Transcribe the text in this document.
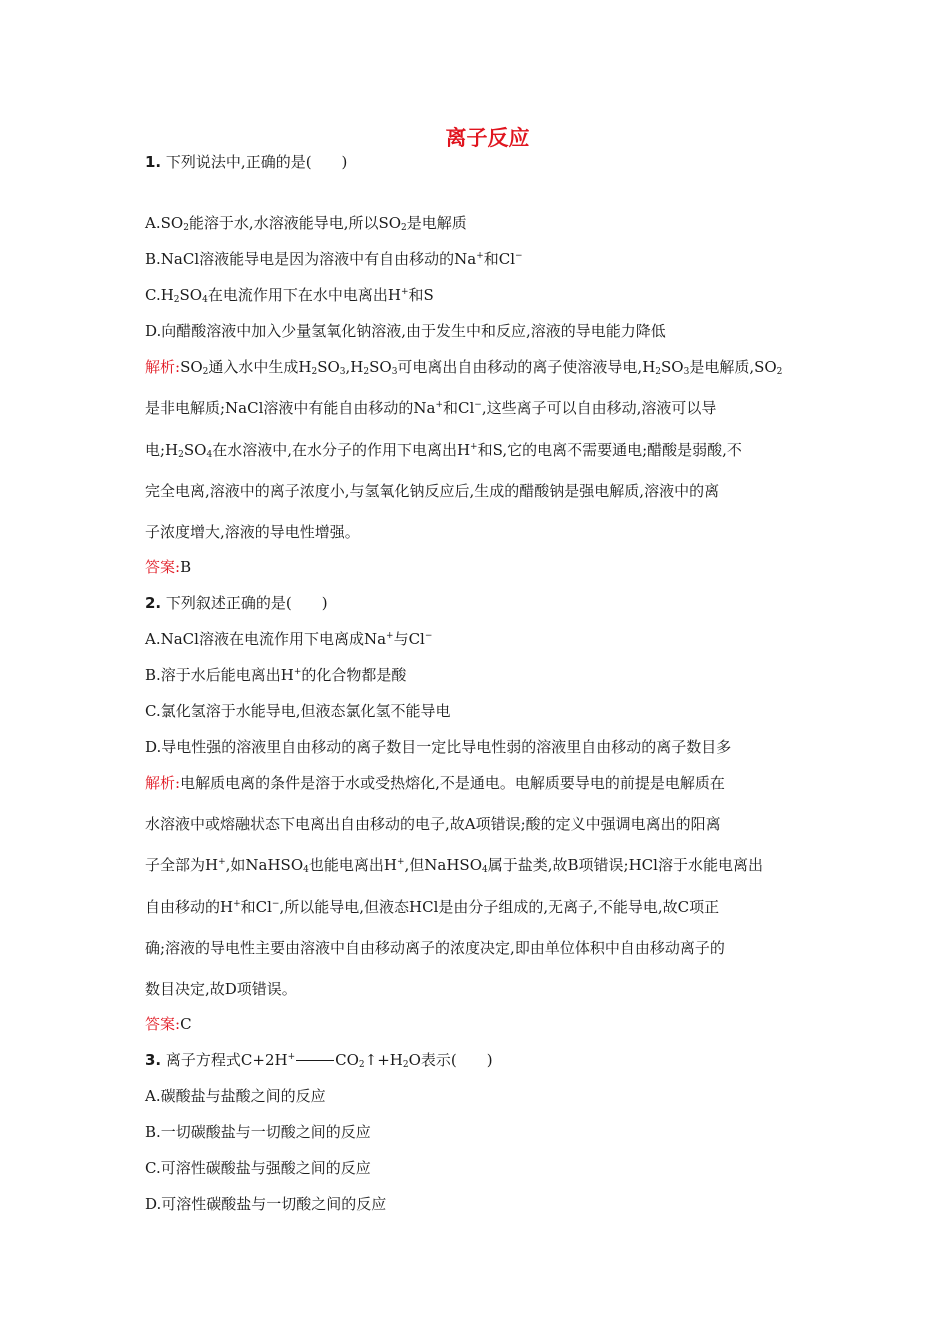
离子反应
1. 下列说法中,正确的是(　　)
$A.SO_2$能溶于水,水溶液能导电,所以$SO_2$是电解质
B.NaCl溶液能导电是因为溶液中有自由移动的Na+和Cl−
$C.H_2SO_4$在电流作用下在水中电离出H+和S
D.向醋酸溶液中加入少量氢氧化钠溶液,由于发生中和反应,溶液的导电能力降低
解析$:SO_2$通入水中生成$H_2SO_3,H_2SO_3$可电离出自由移动的离子使溶液导电$,H_2SO_3$是电解质$,SO_2$
是非电解质;NaCl溶液中有能自由移动的Na+和Cl−,这些离子可以自由移动,溶液可以导
电$;H_2SO_4$在水溶液中,在水分子的作用下电离出H+和S,它的电离不需要通电;醋酸是弱酸,不
完全电离,溶液中的离子浓度小,与氢氧化钠反应后,生成的醋酸钠是强电解质,溶液中的离
子浓度增大,溶液的导电性增强。
答案:B
2. 下列叙述正确的是(　　)
A.NaCl溶液在电流作用下电离成Na+与Cl−
B.溶于水后能电离出H+的化合物都是酸
C.氯化氢溶于水能导电,但液态氯化氢不能导电
D.导电性强的溶液里自由移动的离子数目一定比导电性弱的溶液里自由移动的离子数目多
解析:电解质电离的条件是溶于水或受热熔化,不是通电。电解质要导电的前提是电解质在
水溶液中或熔融状态下电离出自由移动的电子,故A项错误;酸的定义中强调电离出的阳离
子全部为H+,如NaHSO$_4$也能电离出H+,但NaHSO$_4$属于盐类,故B项错误;HCl溶于水能电离出
自由移动的H+和Cl−,所以能导电,但液态HCl是由分子组成的,无离子,不能导电,故C项正
确;溶液的导电性主要由溶液中自由移动离子的浓度决定,即由单位体积中自由移动离子的
数目决定,故D项错误。
答案:C
3. 离子方程式C+2H+	$CO_2↑+H_2O$表示(　　)
A.碳酸盐与盐酸之间的反应
B.一切碳酸盐与一切酸之间的反应
C.可溶性碳酸盐与强酸之间的反应
D.可溶性碳酸盐与一切酸之间的反应
